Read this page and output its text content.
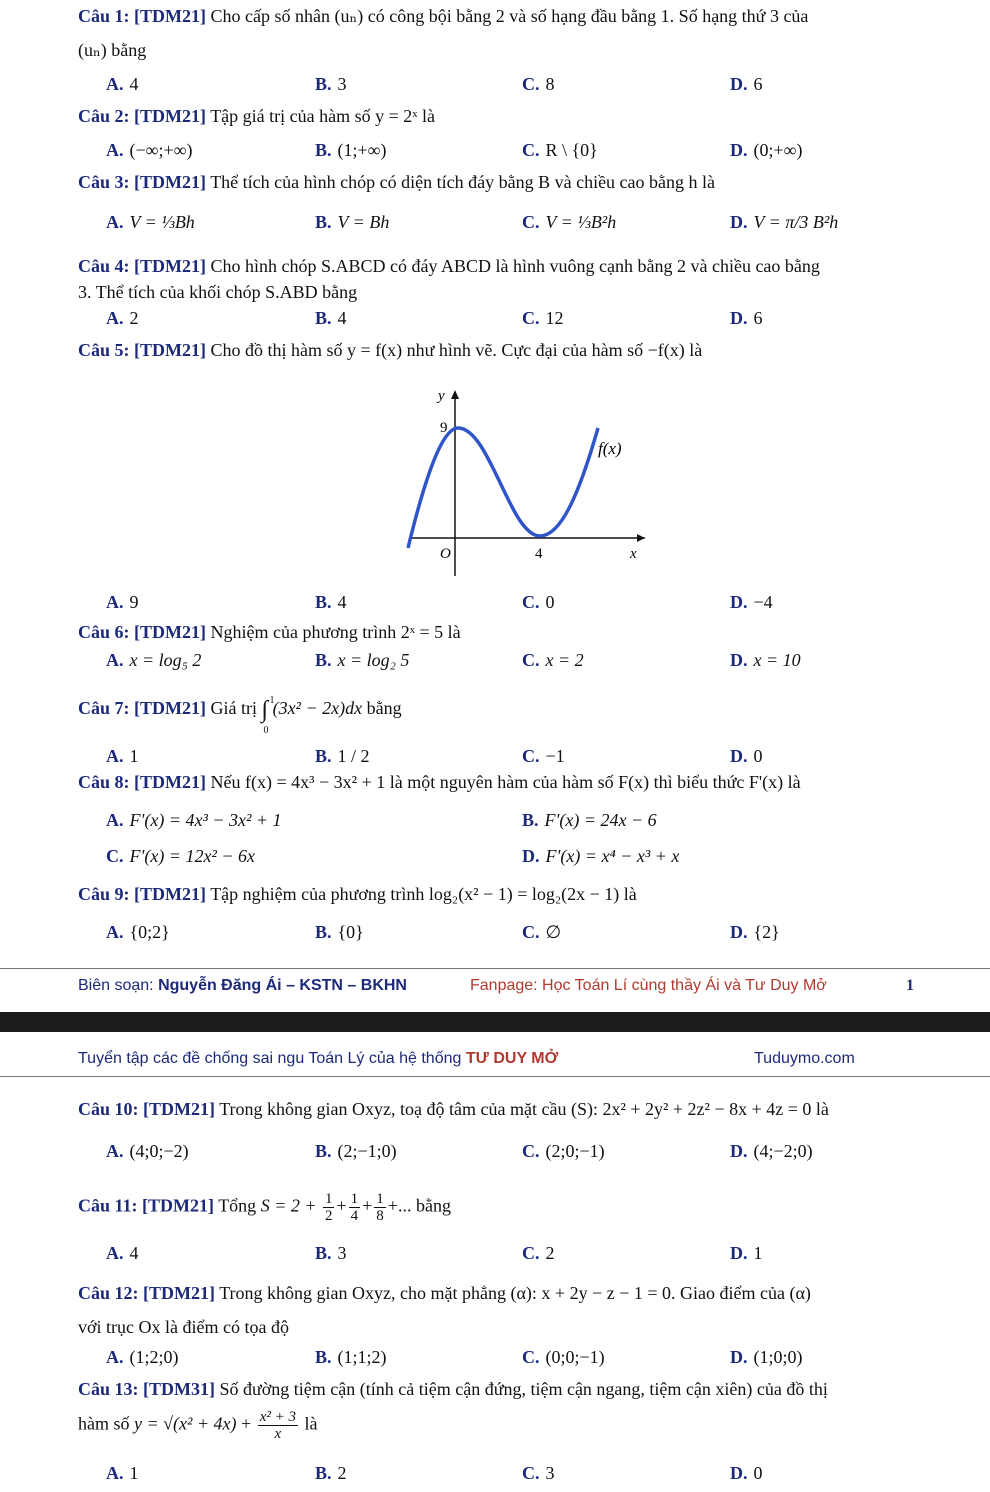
Câu 1: [TDM21] Cho cấp số nhân (uₙ) có công bội bằng 2 và số hạng đầu bằng 1. Số hạng thứ 3 của
(uₙ) bằng
A. 4	B. 3	C. 8	D. 6
Câu 2: [TDM21] Tập giá trị của hàm số y = 2ˣ là
A. (−∞;+∞)	B. (1;+∞)	C. R \ {0}	D. (0;+∞)
Câu 3: [TDM21] Thể tích của hình chóp có diện tích đáy bằng B và chiều cao bằng h là
A. V = ⅓Bh	B. V = Bh	C. V = ⅓B²h	D. V = π/3 B²h
Câu 4: [TDM21] Cho hình chóp S.ABCD có đáy ABCD là hình vuông cạnh bằng 2 và chiều cao bằng
3. Thể tích của khối chóp S.ABD bằng
A. 2	B. 4	C. 12	D. 6
Câu 5: [TDM21] Cho đồ thị hàm số y = f(x) như hình vẽ. Cực đại của hàm số −f(x) là
y
9
O	4	x
f(x)
A. 9	B. 4	C. 0	D. −4
Câu 6: [TDM21] Nghiệm của phương trình 2ˣ = 5 là
A. x = log₅ 2	B. x = log₂ 5	C. x = 2	D. x = 10
Câu 7: [TDM21] Giá trị ∫ 1
0
(3x² − 2x)dx bằng
A. 1	B. 1 / 2	C. −1	D. 0
Câu 8: [TDM21] Nếu f(x) = 4x³ − 3x² + 1 là một nguyên hàm của hàm số F(x) thì biểu thức F'(x) là
A. F'(x) = 4x³ − 3x² + 1	B. F'(x) = 24x − 6
C. F'(x) = 12x² − 6x	D. F'(x) = x⁴ − x³ + x
Câu 9: [TDM21] Tập nghiệm của phương trình log₂(x² − 1) = log₂(2x − 1) là
A. {0;2}	B. {0}	C. ∅	D. {2}
Biên soạn: Nguyễn Đăng Ái – KSTN – BKHN	Fanpage: Học Toán Lí cùng thầy Ái và Tư Duy Mở	1
Tuyển tập các đề chống sai ngu Toán Lý của hệ thống TƯ DUY MỞ	Tuduymo.com
Câu 10: [TDM21] Trong không gian Oxyz, toạ độ tâm của mặt cầu (S): 2x² + 2y² + 2z² − 8x + 4z = 0 là
A. (4;0;−2)	B. (2;−1;0)	C. (2;0;−1)	D. (4;−2;0)
Câu 11: [TDM21] Tổng $S = 2 + \frac{1}{2} + \frac{1}{4} + \frac{1}{8}$ +... bằng
A. 4	B. 3	C. 2	D. 1
Câu 12: [TDM21] Trong không gian Oxyz, cho mặt phẳng (α): x + 2y − z − 1 = 0. Giao điểm của (α)
với trục Ox là điểm có tọa độ
A. (1;2;0)	B. (1;1;2)	C. (0;0;−1)	D. (1;0;0)
Câu 13: [TDM31] Số đường tiệm cận (tính cả tiệm cận đứng, tiệm cận ngang, tiệm cận xiên) của đồ thị
hàm số $y = √(x^2 + 4x) + \frac{\text{x² + 3}}{x}$ là
A. 1	B. 2	C. 3	D. 0
